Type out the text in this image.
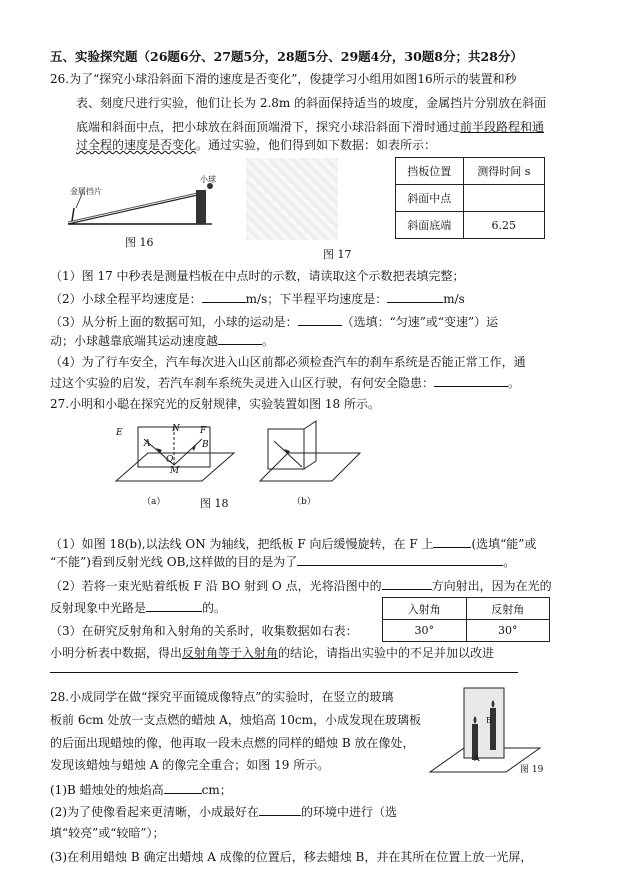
五、实验探究题（26题6分、27题5分，28题5分、29题4分，30题8分；共28分）
26.为了“探究小球沿斜面下滑的速度是否变化”，俊捷学习小组用如图16所示的装置和秒
表、刻度尺进行实验，他们让长为 2.8m 的斜面保持适当的坡度，金属挡片分别放在斜面
底端和斜面中点，把小球放在斜面顶端滑下，探究小球沿斜面下滑时通过前半段路程和通
过全程的速度是否变化。通过实验，他们得到如下数据：如表所示：
金属挡片
小球
图 16
图 17
挡板位置	测得时间 s
斜面中点	
斜面底端	6.25
（1）图 17 中秒表是测量档板在中点时的示数，请读取这个示数把表填完整；
（2）小球全程平均速度是：	m/s；下半程平均速度是：	m/s
（3）从分析上面的数据可知，小球的运动是：	（选填：“匀速”或“变速”）运
动；小球越靠底端其运动速度越	。
（4）为了行车安全，汽车每次进入山区前都必须检查汽车的刹车系统是否能正常工作，通
过这个实验的启发，若汽车刹车系统失灵进入山区行驶，有何安全隐患：	。
27.小明和小聪在探究光的反射规律，实验装置如图 18 所示。
E	N F
A
O
B
M
（a）	图 18	（b）
（1）如图 18(b),以法线 ON 为轴线，把纸板 F 向后缓慢旋转，在 F 上	(选填“能”或
“不能”)看到反射光线 OB,这样做的目的是为了	。
（2）若将一束光贴着纸板 F 沿 BO 射到 O 点，光将沿图中的	方向射出，因为在光的
反射现象中光路是	的。
（3）在研究反射角和入射角的关系时，收集数据如右表：
入射角	反射角
30°	30°
小明分析表中数据，得出反射角等于入射角的结论，请指出实验中的不足并加以改进
28.小成同学在做“探究平面镜成像特点”的实验时，在竖立的玻璃
板前 6cm 处放一支点燃的蜡烛 A，烛焰高 10cm，小成发现在玻璃板
的后面出现蜡烛的像，他再取一段未点燃的同样的蜡烛 B 放在像处，
发现该蜡烛与蜡烛 A 的像完全重合；如图 19 所示。
(1)B 蜡烛处的烛焰高	cm；
(2)为了使像看起来更清晰，小成最好在	的环境中进行（选
填“较亮”或“较暗”）；
(3)在利用蜡烛 B 确定出蜡烛 A 成像的位置后，移去蜡烛 B，并在其所在位置上放一光屏，
B
A
图 19
